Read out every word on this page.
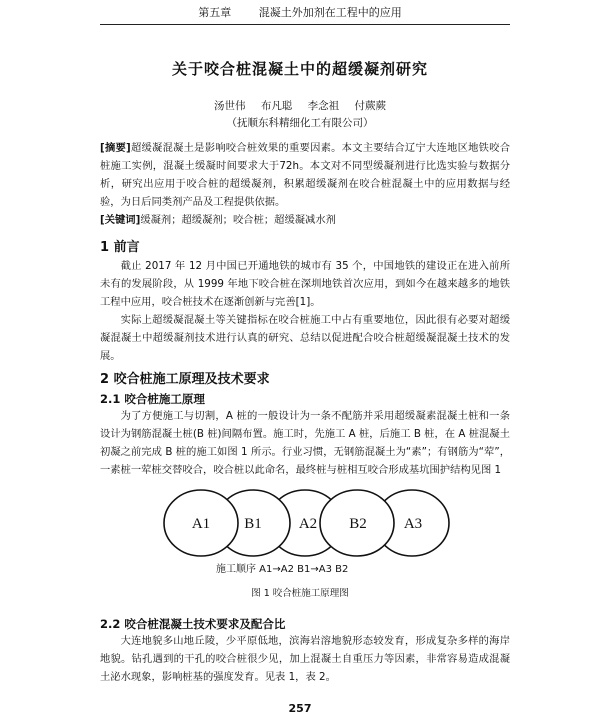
第五章	混凝土外加剂在工程中的应用
关于咬合桩混凝土中的超缓凝剂研究
汤世伟 布凡聪 李念祖 付蕨蕨
（抚顺东科精细化工有限公司）
[摘要]超缓凝混凝土是影响咬合桩效果的重要因素。本文主要结合辽宁大连地区地铁咬合桩施工实例，混凝土缓凝时间要求大于72h。本文对不同型缓凝剂进行比选实验与数据分析，研究出应用于咬合桩的超缓凝剂，积累超缓凝剂在咬合桩混凝土中的应用数据与经验，为日后同类剂产品及工程提供依据。
[关键词]缓凝剂；超缓凝剂；咬合桩；超缓凝减水剂
1 前言
截止 2017 年 12 月中国已开通地铁的城市有 35 个，中国地铁的建设正在进入前所未有的发展阶段，从 1999 年地下咬合桩在深圳地铁首次应用，到如今在越来越多的地铁工程中应用，咬合桩技术在逐渐创新与完善[1]。
实际上超缓凝混凝土等关键指标在咬合桩施工中占有重要地位，因此很有必要对超缓凝混凝土中超缓凝剂技术进行认真的研究、总结以促进配合咬合桩超缓凝混凝土技术的发展。
2 咬合桩施工原理及技术要求
2.1 咬合桩施工原理
为了方便施工与切割，A 桩的一般设计为一条不配筋并采用超缓凝素混凝土桩和一条设计为钢筋混凝土桩(B 桩)间隔布置。施工时，先施工 A 桩，后施工 B 桩，在 A 桩混凝土初凝之前完成 B 桩的施工如图 1 所示。行业习惯，无钢筋混凝土为“素”；有钢筋为“荤”，一素桩一荤桩交替咬合，咬合桩以此命名，最终桩与桩相互咬合形成基坑围护结构见图 1
A1 B1 A2 B2 A3
施工顺序 A1→A2 B1→A3 B2
图 1 咬合桩施工原理图
2.2 咬合桩混凝土技术要求及配合比
大连地貌多山地丘陵，少平原低地，滨海岩溶地貌形态较发育，形成复杂多样的海岸地貌。钻孔遇到的干孔的咬合桩很少见，加上混凝土自重压力等因素，非常容易造成混凝土泌水现象，影响桩基的强度发育。见表 1，表 2。
257
